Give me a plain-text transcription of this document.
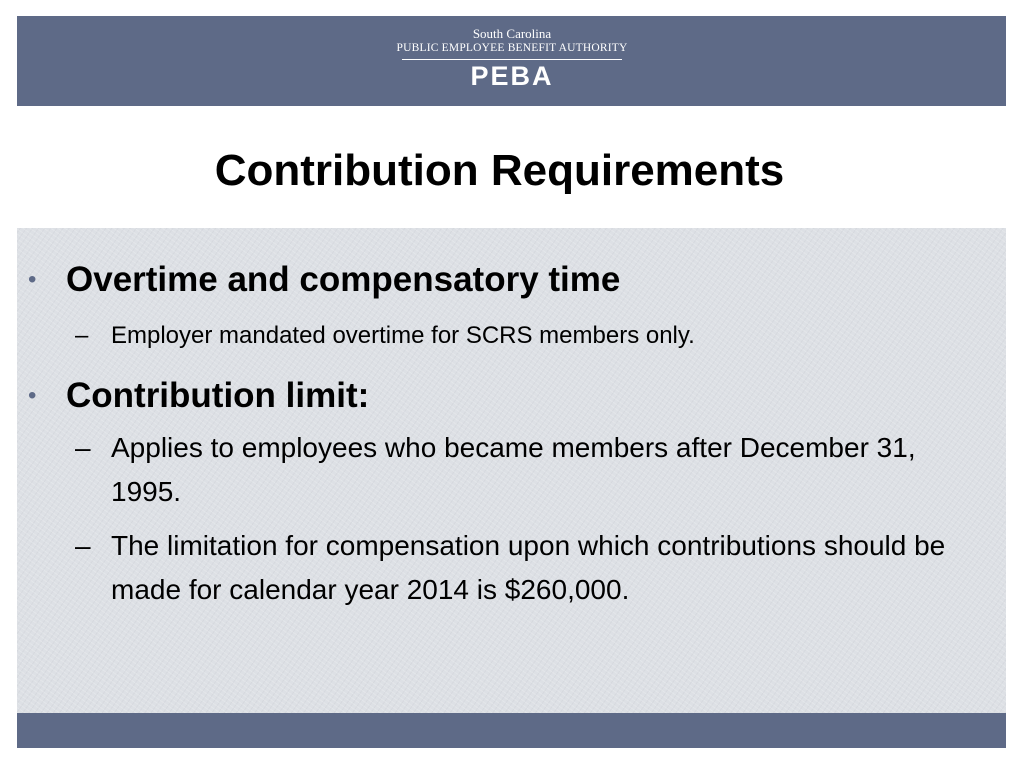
South Carolina
PUBLIC EMPLOYEE BENEFIT AUTHORITY
PEBA
Contribution Requirements
• Overtime and compensatory time
– Employer mandated overtime for SCRS members only.
• Contribution limit:
– Applies to employees who became members after December 31, 1995.
– The limitation for compensation upon which contributions should be made for calendar year 2014 is $260,000.
